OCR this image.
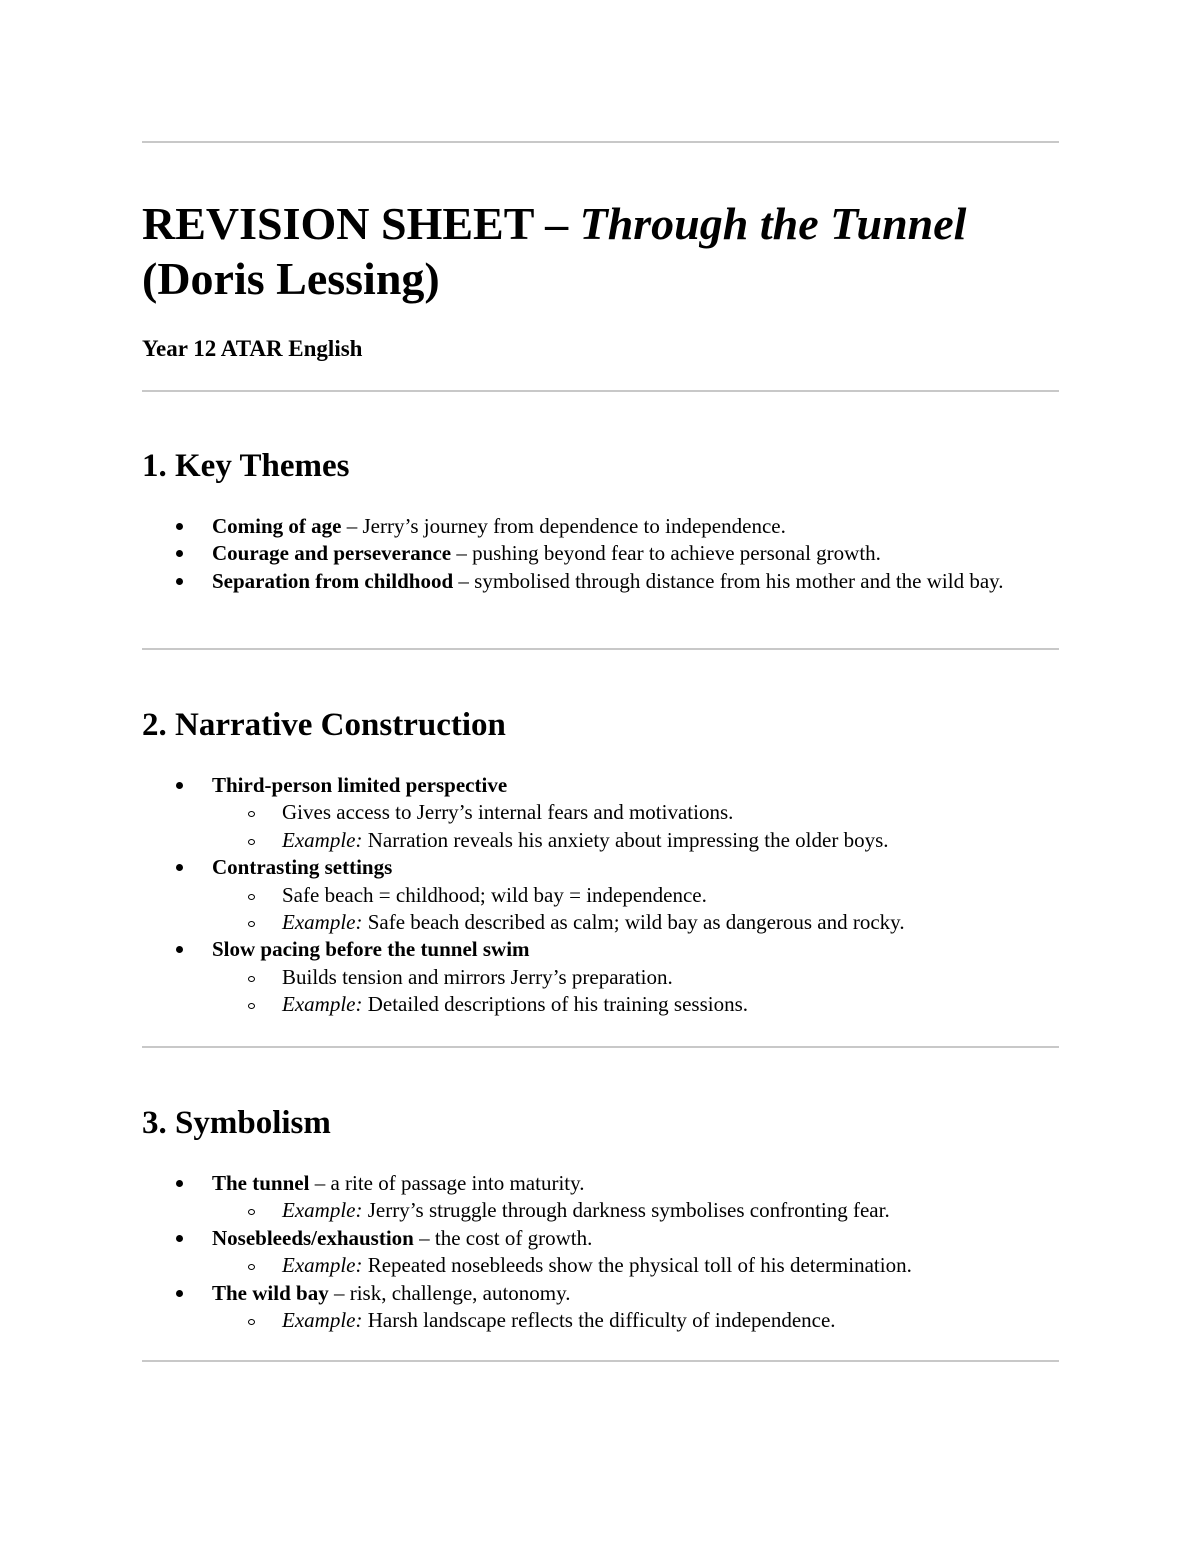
REVISION SHEET – Through the Tunnel
(Doris Lessing)

Year 12 ATAR English

1. Key Themes
Coming of age – Jerry’s journey from dependence to independence.
Courage and perseverance – pushing beyond fear to achieve personal growth.
Separation from childhood – symbolised through distance from his mother and the wild bay.
2. Narrative Construction
Third-person limited perspective
Gives access to Jerry’s internal fears and motivations.
Example: Narration reveals his anxiety about impressing the older boys.
Contrasting settings
Safe beach = childhood; wild bay = independence.
Example: Safe beach described as calm; wild bay as dangerous and rocky.
Slow pacing before the tunnel swim
Builds tension and mirrors Jerry’s preparation.
Example: Detailed descriptions of his training sessions.
3. Symbolism
The tunnel – a rite of passage into maturity.
Example: Jerry’s struggle through darkness symbolises confronting fear.
Nosebleeds/exhaustion – the cost of growth.
Example: Repeated nosebleeds show the physical toll of his determination.
The wild bay – risk, challenge, autonomy.
Example: Harsh landscape reflects the difficulty of independence.
